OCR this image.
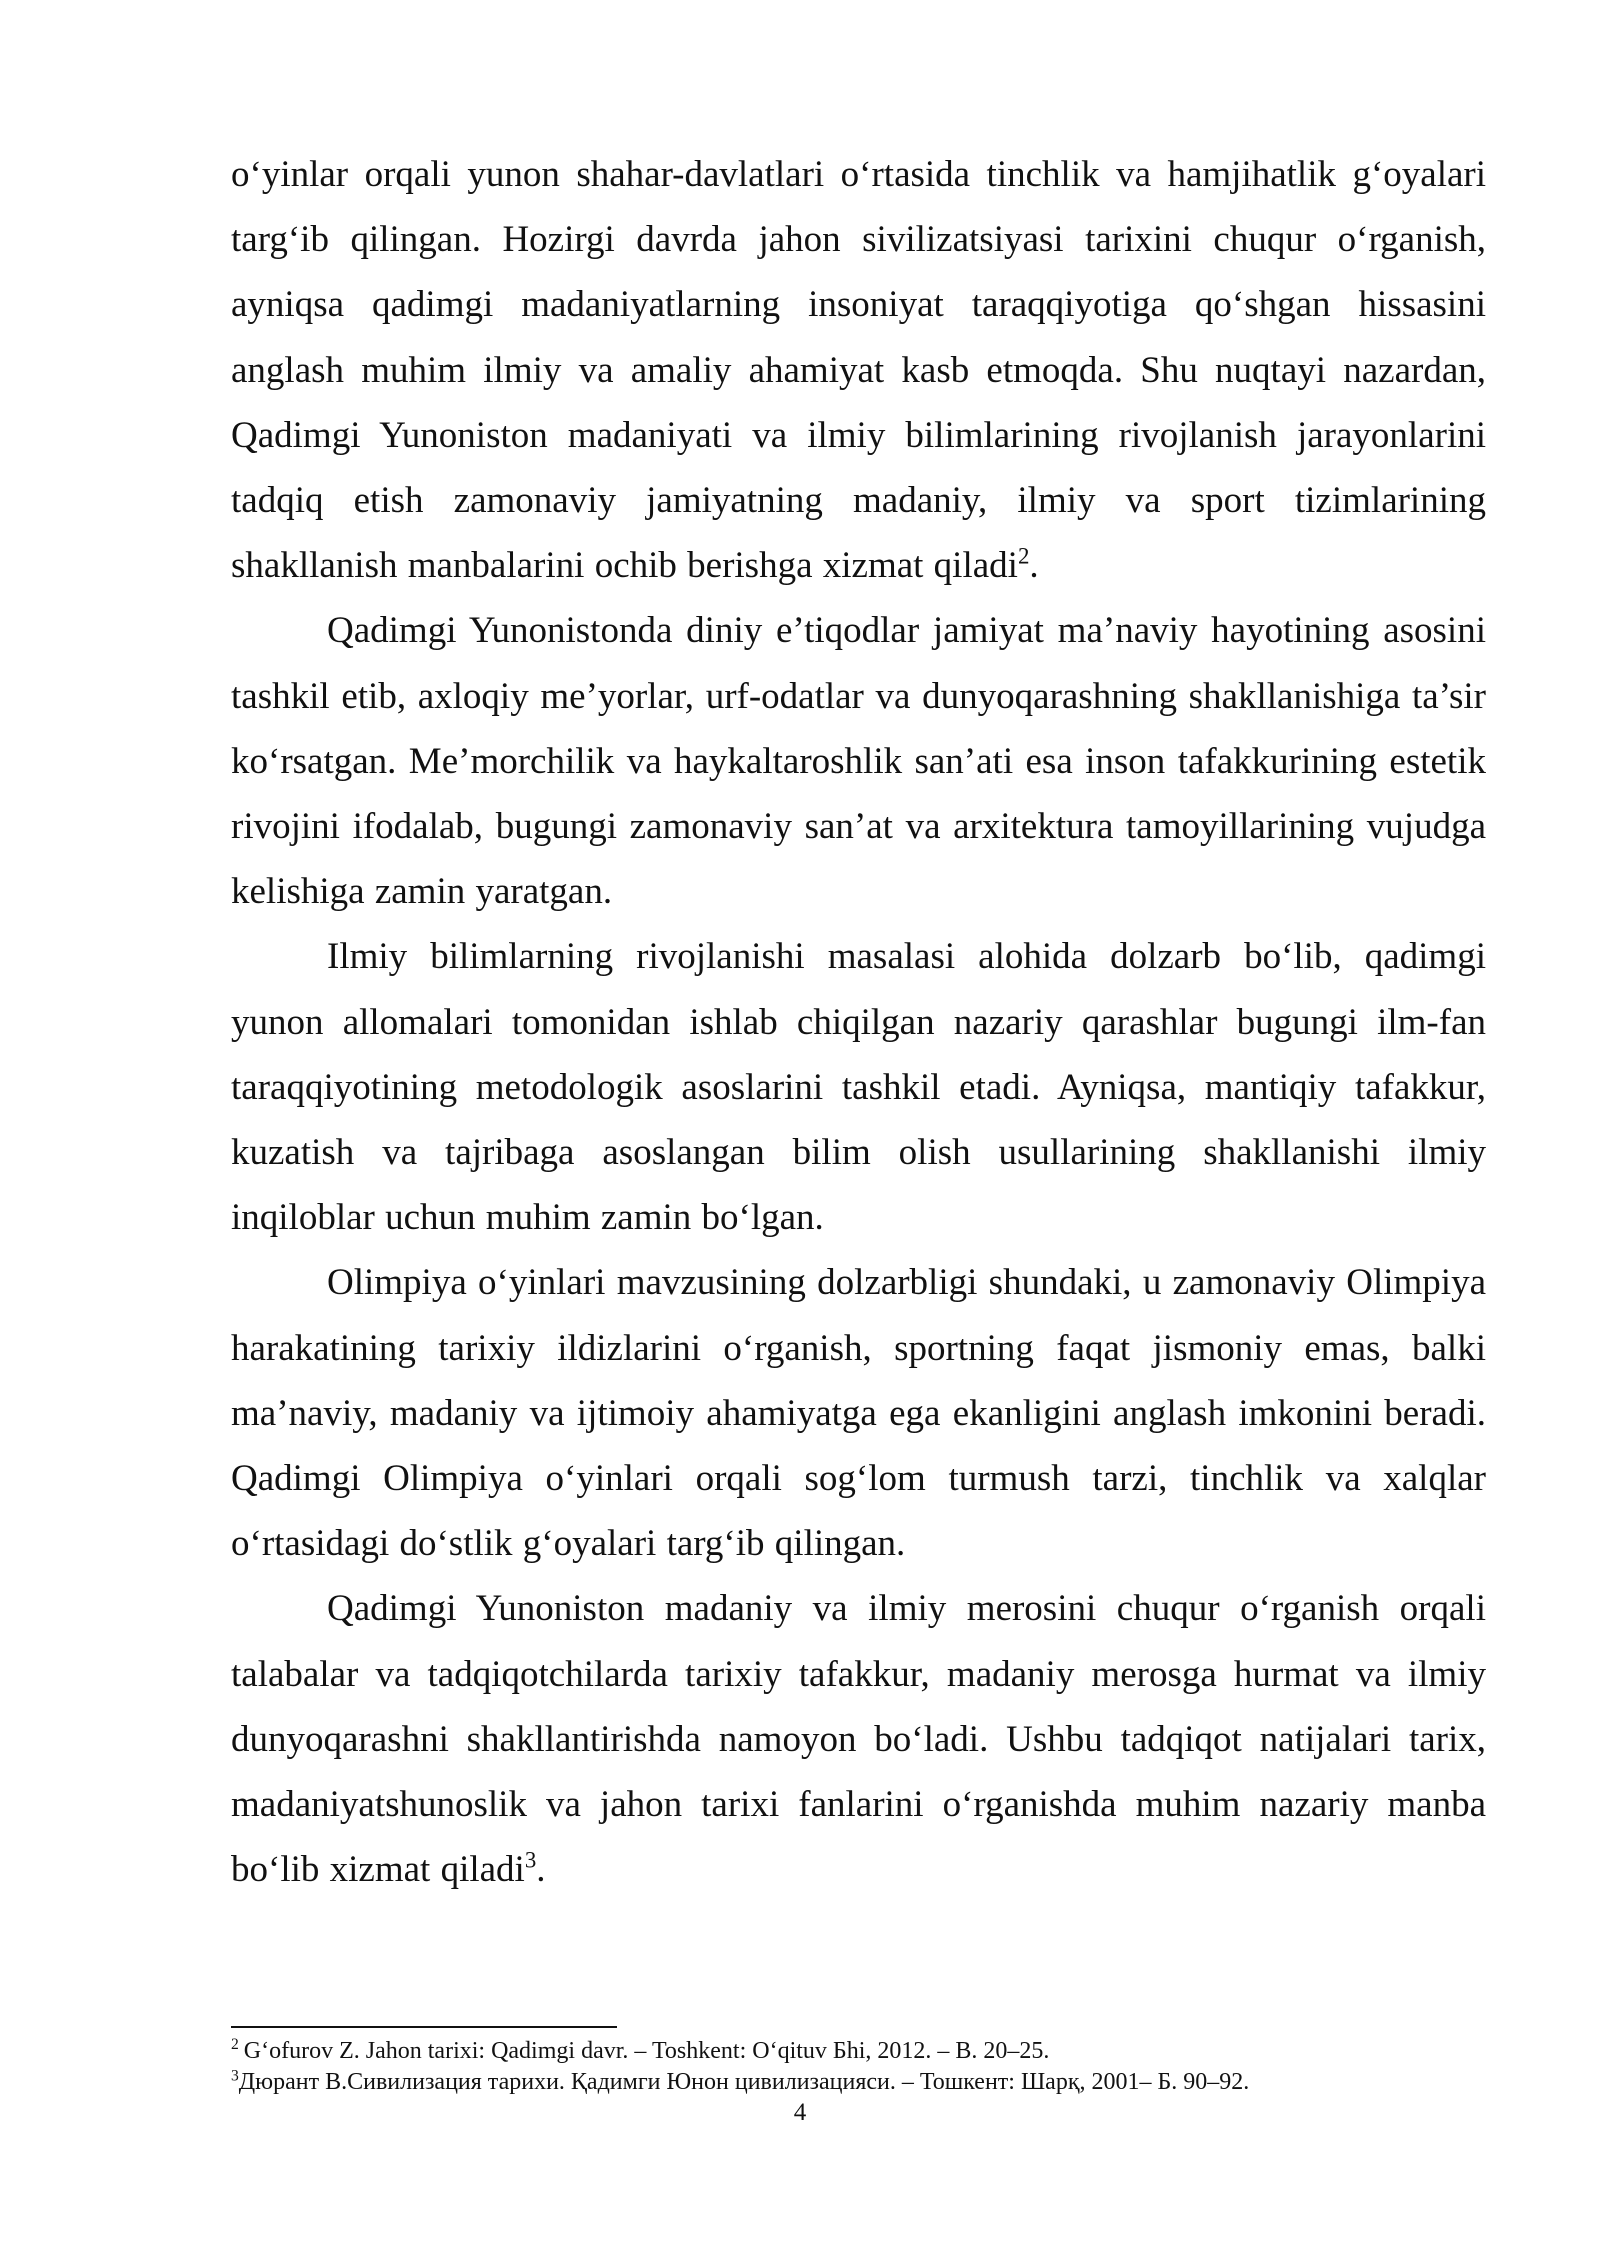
o‘yinlar orqali yunon shahar-davlatlari o‘rtasida tinchlik va hamjihatlik g‘oyalari targ‘ib qilingan. Hozirgi davrda jahon sivilizatsiyasi tarixini chuqur o‘rganish, ayniqsa qadimgi madaniyatlarning insoniyat taraqqiyotiga qo‘shgan hissasini anglash muhim ilmiy va amaliy ahamiyat kasb etmoqda. Shu nuqtayi nazardan, Qadimgi Yunoniston madaniyati va ilmiy bilimlarining rivojlanish jarayonlarini tadqiq etish zamonaviy jamiyatning madaniy, ilmiy va sport tizimlarining shakllanish manbalarini ochib berishga xizmat qiladi$^2$.

Qadimgi Yunonistonda diniy e’tiqodlar jamiyat ma’naviy hayotining asosini tashkil etib, axloqiy me’yorlar, urf-odatlar va dunyoqarashning shakllanishiga ta’sir ko‘rsatgan. Me’morchilik va haykaltaroshlik san’ati esa inson tafakkurining estetik rivojini ifodalab, bugungi zamonaviy san’at va arxitektura tamoyillarining vujudga kelishiga zamin yaratgan.

Ilmiy bilimlarning rivojlanishi masalasi alohida dolzarb bo‘lib, qadimgi yunon allomalari tomonidan ishlab chiqilgan nazariy qarashlar bugungi ilm-fan taraqqiyotining metodologik asoslarini tashkil etadi. Ayniqsa, mantiqiy tafakkur, kuzatish va tajribaga asoslangan bilim olish usullarining shakllanishi ilmiy inqiloblar uchun muhim zamin bo‘lgan.

Olimpiya o‘yinlari mavzusining dolzarbligi shundaki, u zamonaviy Olimpiya harakatining tarixiy ildizlarini o‘rganish, sportning faqat jismoniy emas, balki ma’naviy, madaniy va ijtimoiy ahamiyatga ega ekanligini anglash imkonini beradi. Qadimgi Olimpiya o‘yinlari orqali sog‘lom turmush tarzi, tinchlik va xalqlar o‘rtasidagi do‘stlik g‘oyalari targ‘ib qilingan.

Qadimgi Yunoniston madaniy va ilmiy merosini chuqur o‘rganish orqali talabalar va tadqiqotchilarda tarixiy tafakkur, madaniy merosga hurmat va ilmiy dunyoqarashni shakllantirishda namoyon bo‘ladi. Ushbu tadqiqot natijalari tarix, madaniyatshunoslik va jahon tarixi fanlarini o‘rganishda muhim nazariy manba bo‘lib xizmat qiladi$^3$.

$^2$ G‘ofurov Z. Jahon tarixi: Qadimgi davr. – Toshkent: O‘qituv Бhi, 2012. – B. 20–25.

$^3$Дюрант В.Сивилизация тарихи. Қадимги Юнон цивилизацияси. – Тошкент: Шарқ, 2001– Б. 90–92.

4
